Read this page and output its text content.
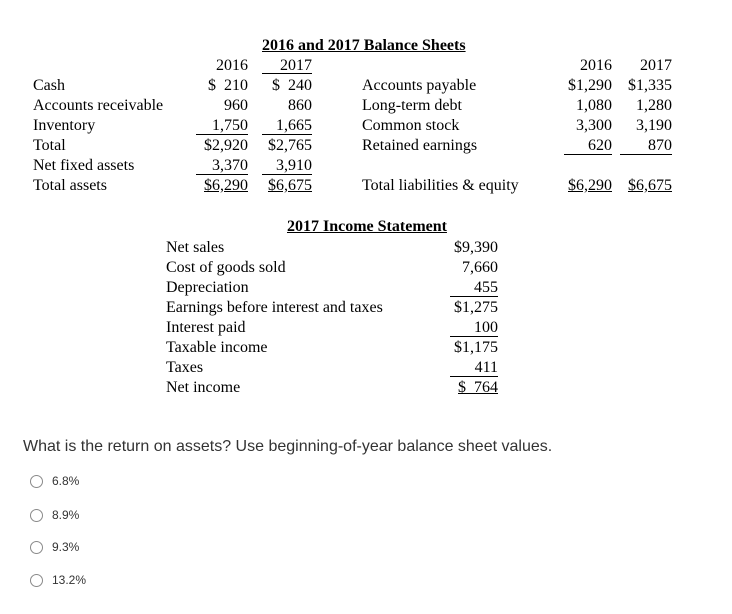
2016 and 2017 Balance Sheets
2016	2017
Cash
Accounts receivable
Inventory
Total
Net fixed assets
Total assets
$  210
960
1,750
$2,920
3,370
$6,290
$  240
860
1,665
$2,765
3,910
$6,675
2016	2017
Accounts payable
Long-term debt
Common stock
Retained earnings
Total liabilities & equity
$1,290
1,080
3,300
620
$6,290
$1,335
1,280
3,190
870
$6,675
2017 Income Statement
Net sales
Cost of goods sold
Depreciation
Earnings before interest and taxes
Interest paid
Taxable income
Taxes
Net income
$9,390
7,660
455
$1,275
100
$1,175
411
$  764
What is the return on assets? Use beginning-of-year balance sheet values.
6.8%
8.9%
9.3%
13.2%
